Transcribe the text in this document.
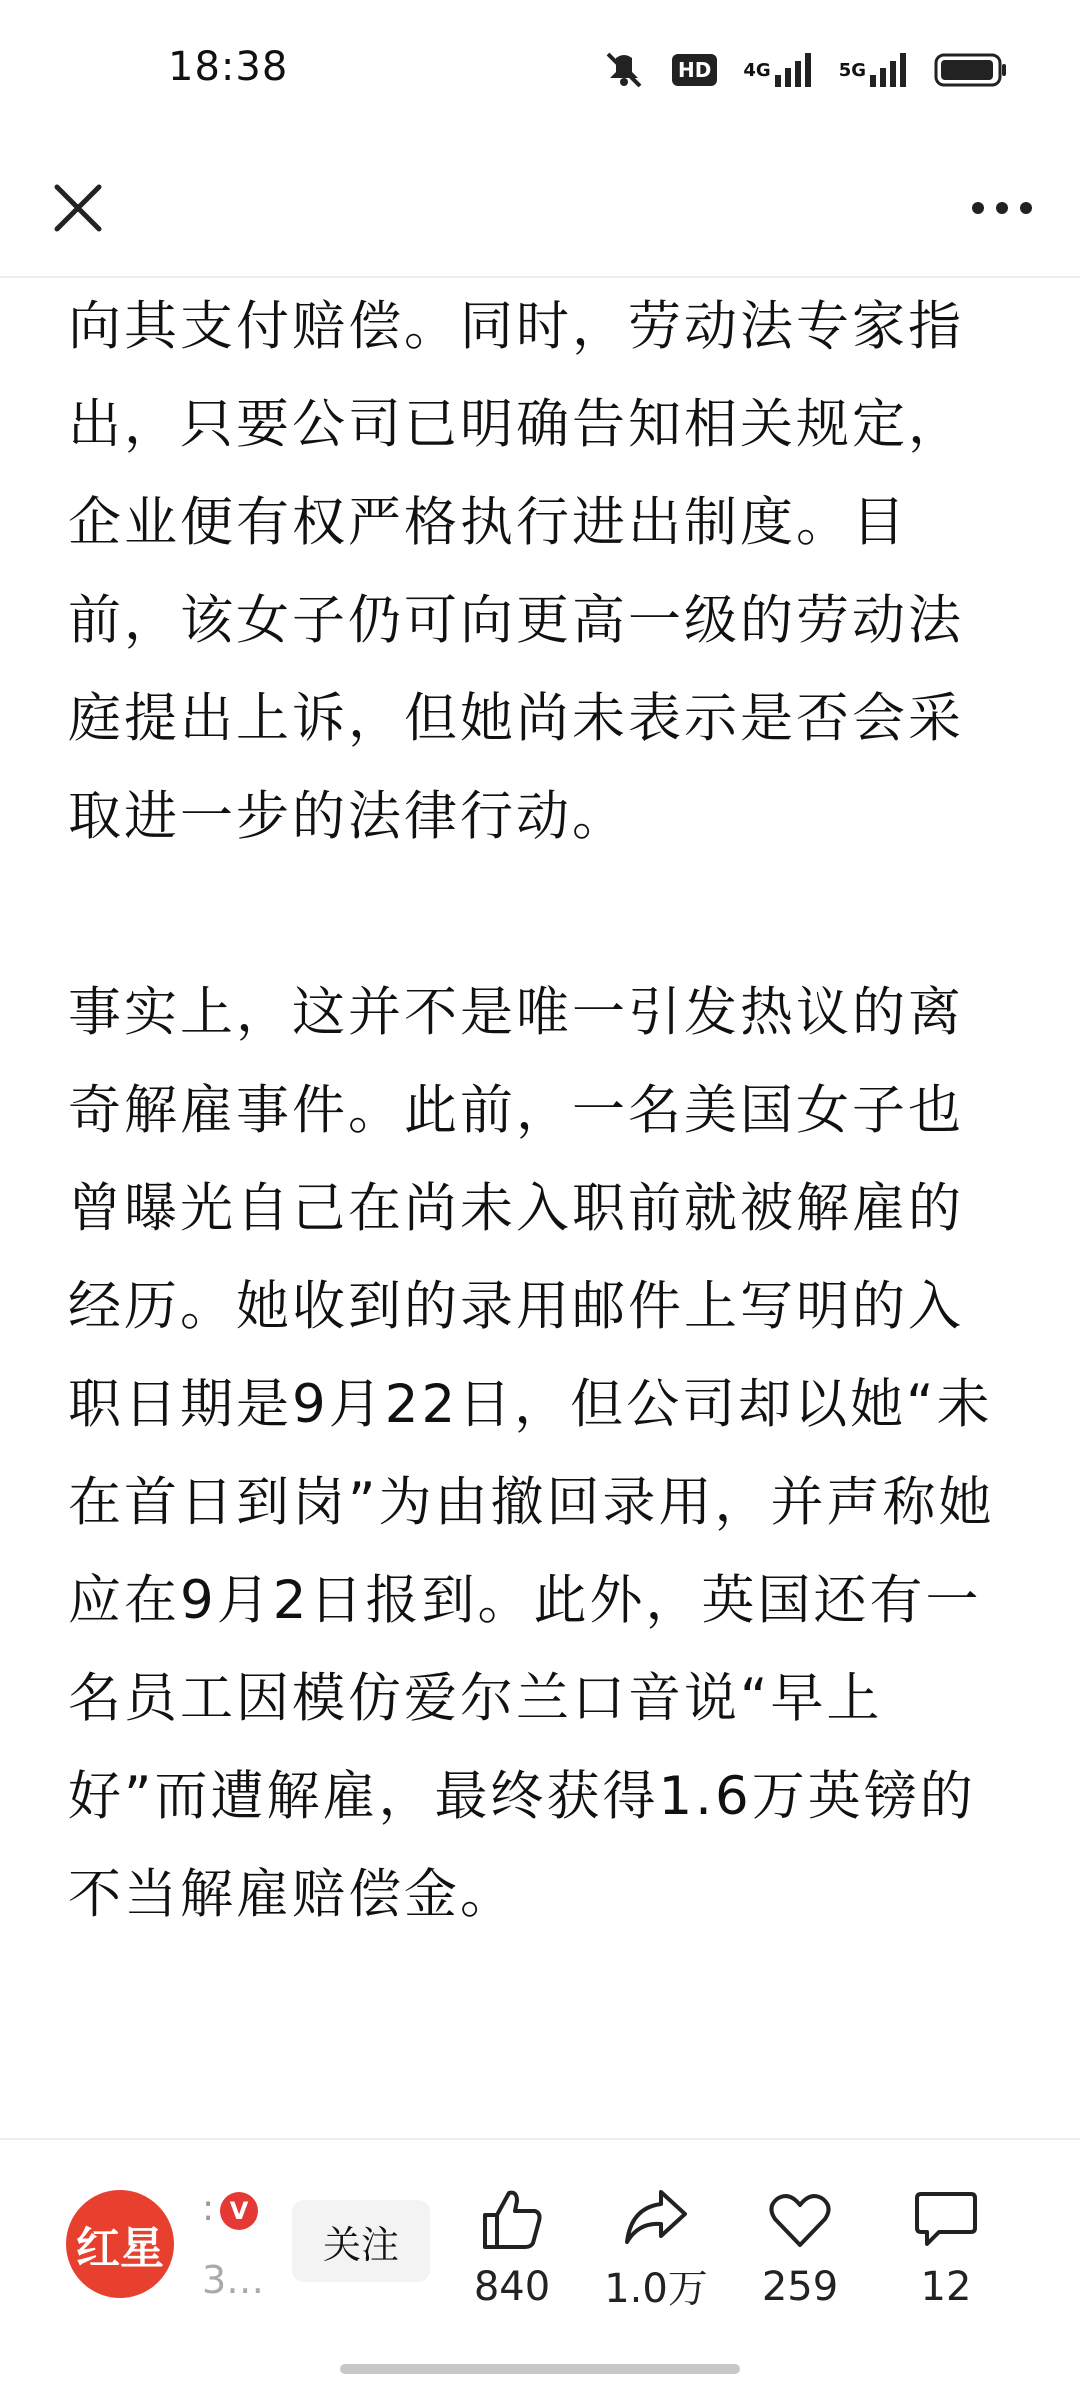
18:38	HD	4G	5G

向其支付赔偿。同时，劳动法专家指出，只要公司已明确告知相关规定，企业便有权严格执行进出制度。目前，该女子仍可向更高一级的劳动法庭提出上诉，但她尚未表示是否会采取进一步的法律行动。

事实上，这并不是唯一引发热议的离奇解雇事件。此前，一名美国女子也曾曝光自己在尚未入职前就被解雇的经历。她收到的录用邮件上写明的入职日期是9月22日，但公司却以她“未在首日到岗”为由撤回录用，并声称她应在9月2日报到。此外，英国还有一名员工因模仿爱尔兰口音说“早上好”而遭解雇，最终获得1.6万英镑的不当解雇赔偿金。

红星
: V
3…
关注
840 1.0万 259 12
